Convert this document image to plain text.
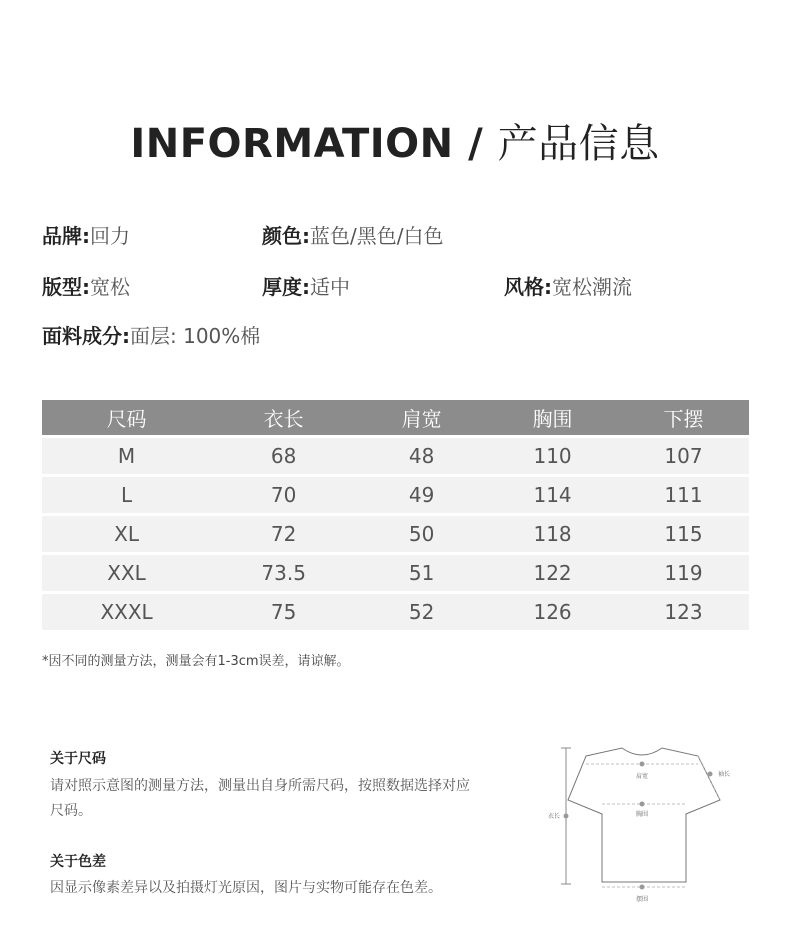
INFORMATION / 产品信息
品牌:回力	颜色:蓝色/黑色/白色
版型:宽松	厚度:适中	风格:宽松潮流
面料成分:面层: 100%棉
尺码	衣长	肩宽	胸围	下摆
M	68	48	110	107
L	70	49	114	111
XL	72	50	118	115
XXL	73.5	51	122	119
XXXL	75	52	126	123
*因不同的测量方法，测量会有1-3cm误差，请谅解。
关于尺码
请对照示意图的测量方法，测量出自身所需尺码，按照数据选择对应尺码。
关于色差
因显示像素差异以及拍摄灯光原因，图片与实物可能存在色差。
肩宽	袖长
衣长	胸围
摆围
